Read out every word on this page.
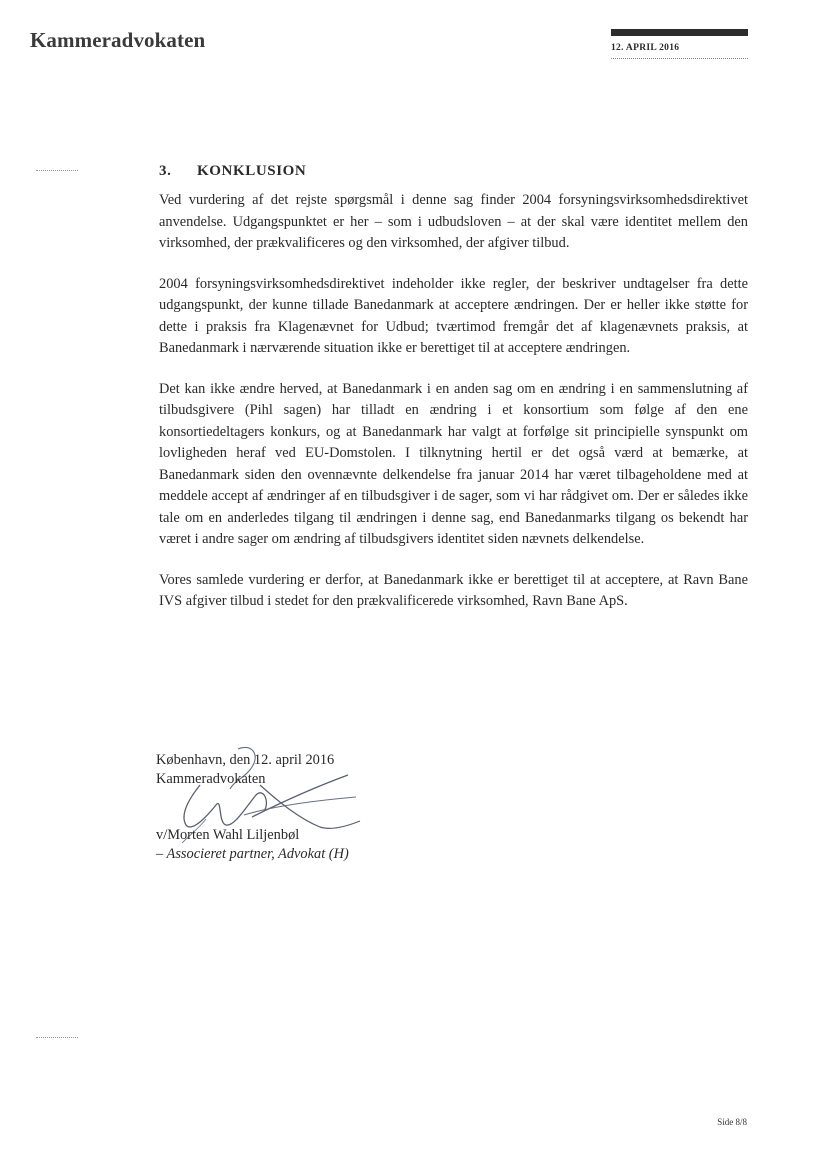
Kammeradvokaten	12. APRIL 2016
3.	KONKLUSION

Ved vurdering af det rejste spørgsmål i denne sag finder 2004 forsyningsvirksomhedsdirektivet anvendelse. Udgangspunktet er her – som i udbudsloven – at der skal være identitet mellem den virksomhed, der prækvalificeres og den virksomhed, der afgiver tilbud.

2004 forsyningsvirksomhedsdirektivet indeholder ikke regler, der beskriver undtagelser fra dette udgangspunkt, der kunne tillade Banedanmark at acceptere ændringen. Der er heller ikke støtte for dette i praksis fra Klagenævnet for Udbud; tværtimod fremgår det af klagenævnets praksis, at Banedanmark i nærværende situation ikke er berettiget til at acceptere ændringen.

Det kan ikke ændre herved, at Banedanmark i en anden sag om en ændring i en sammenslutning af tilbudsgivere (Pihl sagen) har tilladt en ændring i et konsortium som følge af den ene konsortiedeltagers konkurs, og at Banedanmark har valgt at forfølge sit principielle synspunkt om lovligheden heraf ved EU-Domstolen. I tilknytning hertil er det også værd at bemærke, at Banedanmark siden den ovennævnte delkendelse fra januar 2014 har været tilbageholdene med at meddele accept af ændringer af en tilbudsgiver i de sager, som vi har rådgivet om. Der er således ikke tale om en anderledes tilgang til ændringen i denne sag, end Banedanmarks tilgang os bekendt har været i andre sager om ændring af tilbudsgivers identitet siden nævnets delkendelse.

Vores samlede vurdering er derfor, at Banedanmark ikke er berettiget til at acceptere, at Ravn Bane IVS afgiver tilbud i stedet for den prækvalificerede virksomhed, Ravn Bane ApS.

København, den 12. april 2016
Kammeradvokaten
v/Morten Wahl Liljenbøl
– Associeret partner, Advokat (H)
Side 8/8
